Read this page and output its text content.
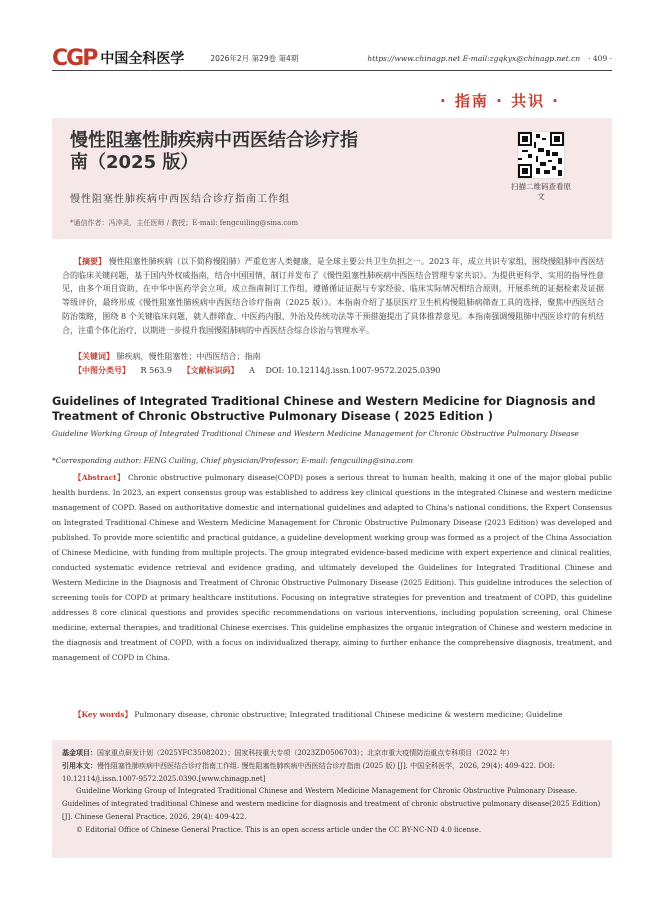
CGP 中国全科医学	2026年2月 第29卷 第4期	https://www.chinagp.net E-mail:zgqkyx@chinagp.net.cn · 409 ·
· 指南 · 共识 ·
慢性阻塞性肺疾病中西医结合诊疗指南（2025 版）
慢性阻塞性肺疾病中西医结合诊疗指南工作组
扫描二维码查看原文
*通信作者：冯淬灵，主任医师 / 教授；E-mail: fengcuiling@sina.com
【摘要】 慢性阻塞性肺疾病（以下简称慢阻肺）严重危害人类健康，是全球主要公共卫生负担之一。2023 年，成立共识专家组，围绕慢阻肺中西医结合的临床关键问题，基于国内外权威指南，结合中国国情，制订并发布了《慢性阻塞性肺疾病中西医结合管理专家共识》。为提供更科学、实用的指导性意见，由多个项目资助，在中华中医药学会立项，成立指南制订工作组，遵循循证证据与专家经验、临床实际情况相结合原则，开展系统的证据检索及证据等级评价，最终形成《慢性阻塞性肺疾病中西医结合诊疗指南（2025 版）》。本指南介绍了基层医疗卫生机构慢阻肺病筛查工具的选择，聚焦中西医结合防治策略，围绕 8 个关键临床问题，就人群筛查、中医药内服、外治及传统功法等干预措施提出了具体推荐意见。本指南强调慢阻肺中西医诊疗的有机结合，注重个体化治疗，以期进一步提升我国慢阻肺病的中西医结合综合诊治与管理水平。
【关键词】 肺疾病，慢性阻塞性；中西医结合；指南
【中图分类号】 R 563.9 【文献标识码】 A DOI: 10.12114/j.issn.1007-9572.2025.0390
Guidelines of Integrated Traditional Chinese and Western Medicine for Diagnosis and Treatment of Chronic Obstructive Pulmonary Disease ( 2025 Edition )
Guideline Working Group of Integrated Traditional Chinese and Western Medicine Management for Chronic Obstructive Pulmonary Disease
*Corresponding author: FENG Cuiling, Chief physician/Professor; E-mail: fengcuiling@sina.com
【Abstract】 Chronic obstructive pulmonary disease(COPD) poses a serious threat to human health, making it one of the major global public health burdens. In 2023, an expert consensus group was established to address key clinical questions in the integrated Chinese and western medicine management of COPD. Based on authoritative domestic and international guidelines and adapted to China's national conditions, the Expert Consensus on Integrated Traditional Chinese and Western Medicine Management for Chronic Obstructive Pulmonary Disease (2023 Edition) was developed and published. To provide more scientific and practical guidance, a guideline development working group was formed as a project of the China Association of Chinese Medicine, with funding from multiple projects. The group integrated evidence-based medicine with expert experience and clinical realities, conducted systematic evidence retrieval and evidence grading, and ultimately developed the Guidelines for Integrated Traditional Chinese and Western Medicine in the Diagnosis and Treatment of Chronic Obstructive Pulmonary Disease (2025 Edition). This guideline introduces the selection of screening tools for COPD at primary healthcare institutions. Focusing on integrative strategies for prevention and treatment of COPD, this guideline addresses 8 core clinical questions and provides specific recommendations on various interventions, including population screening, oral Chinese medicine, external therapies, and traditional Chinese exercises. This guideline emphasizes the organic integration of Chinese and western medicine in the diagnosis and treatment of COPD, with a focus on individualized therapy, aiming to further enhance the comprehensive diagnosis, treatment, and management of COPD in China.
【Key words】 Pulmonary disease, chronic obstructive; Integrated traditional Chinese medicine & western medicine; Guideline

基金项目：国家重点研发计划（2025YFC3508202）；国家科技重大专项（2023ZD0506703）；北京市重大疫情防治重点专科项目（2022 年）

引用本文：慢性阻塞性肺疾病中西医结合诊疗指南工作组. 慢性阻塞性肺疾病中西医结合诊疗指南 (2025 版) [J]. 中国全科医学，2026, 29(4): 409-422. DOI: 10.12114/j.issn.1007-9572.2025.0390.[www.chinagp.net]

Guideline Working Group of Integrated Traditional Chinese and Western Medicine Management for Chronic Obstructive Pulmonary Disease. Guidelines of integrated traditional Chinese and western medicine for diagnosis and treatment of chronic obstructive pulmonary disease(2025 Edition)[J]. Chinese General Practice, 2026, 29(4): 409-422.

© Editorial Office of Chinese General Practice. This is an open access article under the CC BY-NC-ND 4.0 license.
